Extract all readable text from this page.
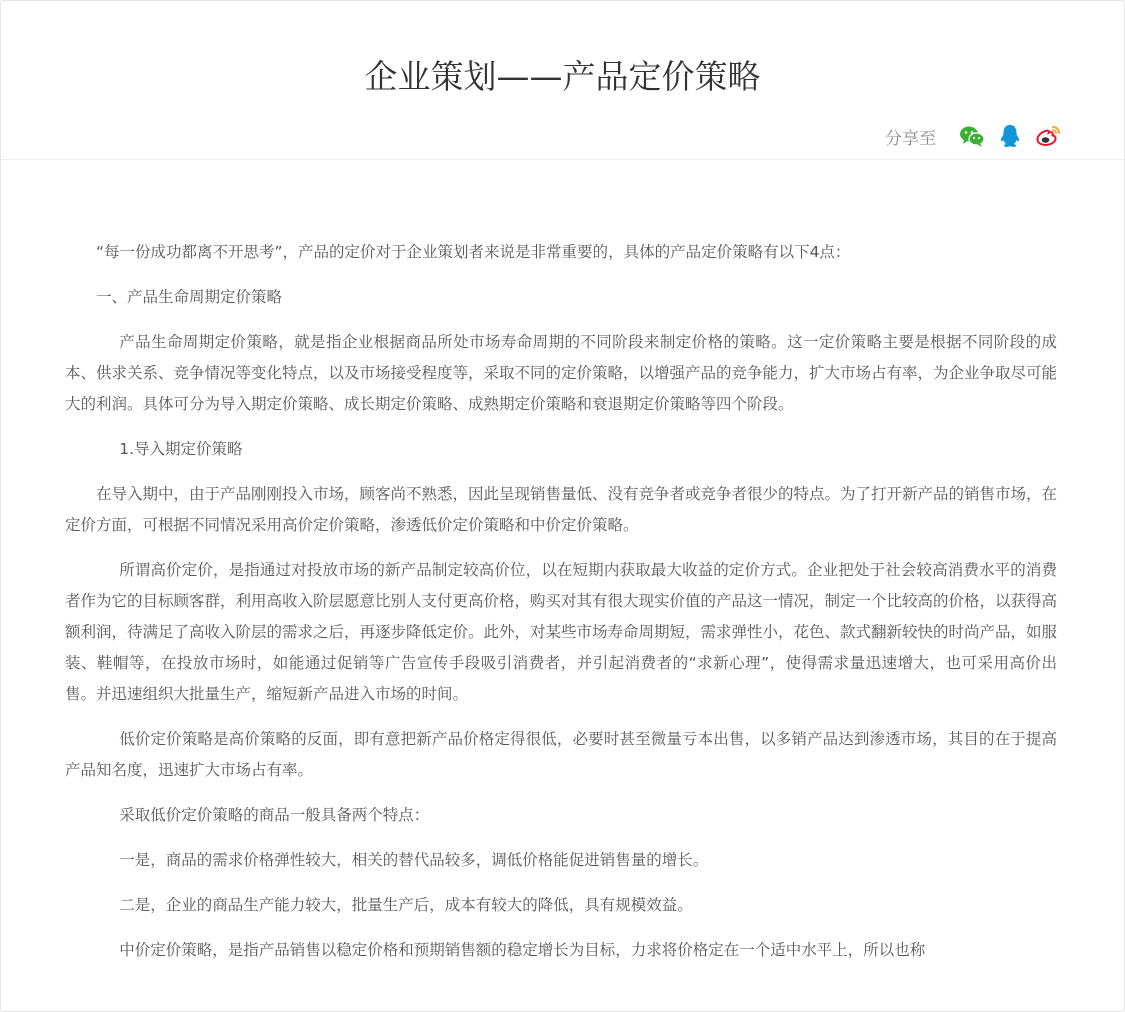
企业策划——产品定价策略
分享至

“每一份成功都离不开思考”，产品的定价对于企业策划者来说是非常重要的，具体的产品定价策略有以下4点：

一、产品生命周期定价策略

产品生命周期定价策略，就是指企业根据商品所处市场寿命周期的不同阶段来制定价格的策略。这一定价策略主要是根据不同阶段的成本、供求关系、竞争情况等变化特点，以及市场接受程度等，采取不同的定价策略，以增强产品的竞争能力，扩大市场占有率，为企业争取尽可能大的利润。具体可分为导入期定价策略、成长期定价策略、成熟期定价策略和衰退期定价策略等四个阶段。

1.导入期定价策略

在导入期中，由于产品刚刚投入市场，顾客尚不熟悉，因此呈现销售量低、没有竞争者或竞争者很少的特点。为了打开新产品的销售市场，在定价方面，可根据不同情况采用高价定价策略，渗透低价定价策略和中价定价策略。

所谓高价定价，是指通过对投放市场的新产品制定较高价位，以在短期内获取最大收益的定价方式。企业把处于社会较高消费水平的消费者作为它的目标顾客群，利用高收入阶层愿意比别人支付更高价格，购买对其有很大现实价值的产品这一情况，制定一个比较高的价格，以获得高额利润，待满足了高收入阶层的需求之后，再逐步降低定价。此外，对某些市场寿命周期短，需求弹性小，花色、款式翻新较快的时尚产品，如服装、鞋帽等，在投放市场时，如能通过促销等广告宣传手段吸引消费者，并引起消费者的“求新心理”，使得需求量迅速增大，也可采用高价出售。并迅速组织大批量生产，缩短新产品进入市场的时间。

低价定价策略是高价策略的反面，即有意把新产品价格定得很低，必要时甚至微量亏本出售，以多销产品达到渗透市场，其目的在于提高产品知名度，迅速扩大市场占有率。

采取低价定价策略的商品一般具备两个特点：

一是，商品的需求价格弹性较大，相关的替代品较多，调低价格能促进销售量的增长。

二是，企业的商品生产能力较大，批量生产后，成本有较大的降低，具有规模效益。

中价定价策略，是指产品销售以稳定价格和预期销售额的稳定增长为目标，力求将价格定在一个适中水平上，所以也称
